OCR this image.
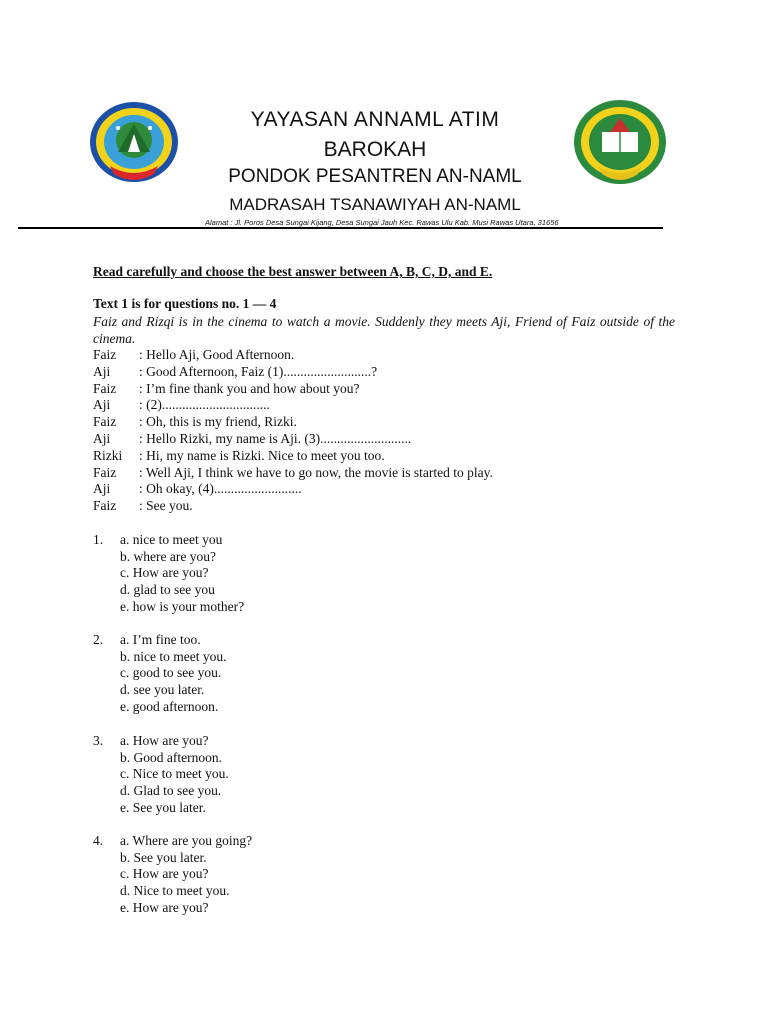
YAYASAN ANNAML ATIM
BAROKAH
PONDOK PESANTREN AN-NAML
MADRASAH TSANAWIYAH AN-NAML
Alamat : Jl. Poros Desa Sungai Kijang, Desa Sungai Jauh Kec. Rawas Ulu Kab. Musi Rawas Utara, 31656
Read carefully and choose the best answer between A, B, C, D, and E.
Text 1 is for questions no. 1 — 4
Faiz and Rizqi is in the cinema to watch a movie. Suddenly they meets Aji, Friend of Faiz outside of the cinema.
Faiz : Hello Aji, Good Afternoon.
Aji : Good Afternoon, Faiz (1)..........................?
Faiz : I’m fine thank you and how about you?
Aji : (2)................................
Faiz : Oh, this is my friend, Rizki.
Aji : Hello Rizki, my name is Aji. (3)...........................
Rizki : Hi, my name is Rizki. Nice to meet you too.
Faiz : Well Aji, I think we have to go now, the movie is started to play.
Aji : Oh okay, (4)..........................
Faiz : See you.
1. a. nice to meet you
b. where are you?
c. How are you?
d. glad to see you
e. how is your mother?
2. a. I’m fine too.
b. nice to meet you.
c. good to see you.
d. see you later.
e. good afternoon.
3. a. How are you?
b. Good afternoon.
c. Nice to meet you.
d. Glad to see you.
e. See you later.
4. a. Where are you going?
b. See you later.
c. How are you?
d. Nice to meet you.
e. How are you?
